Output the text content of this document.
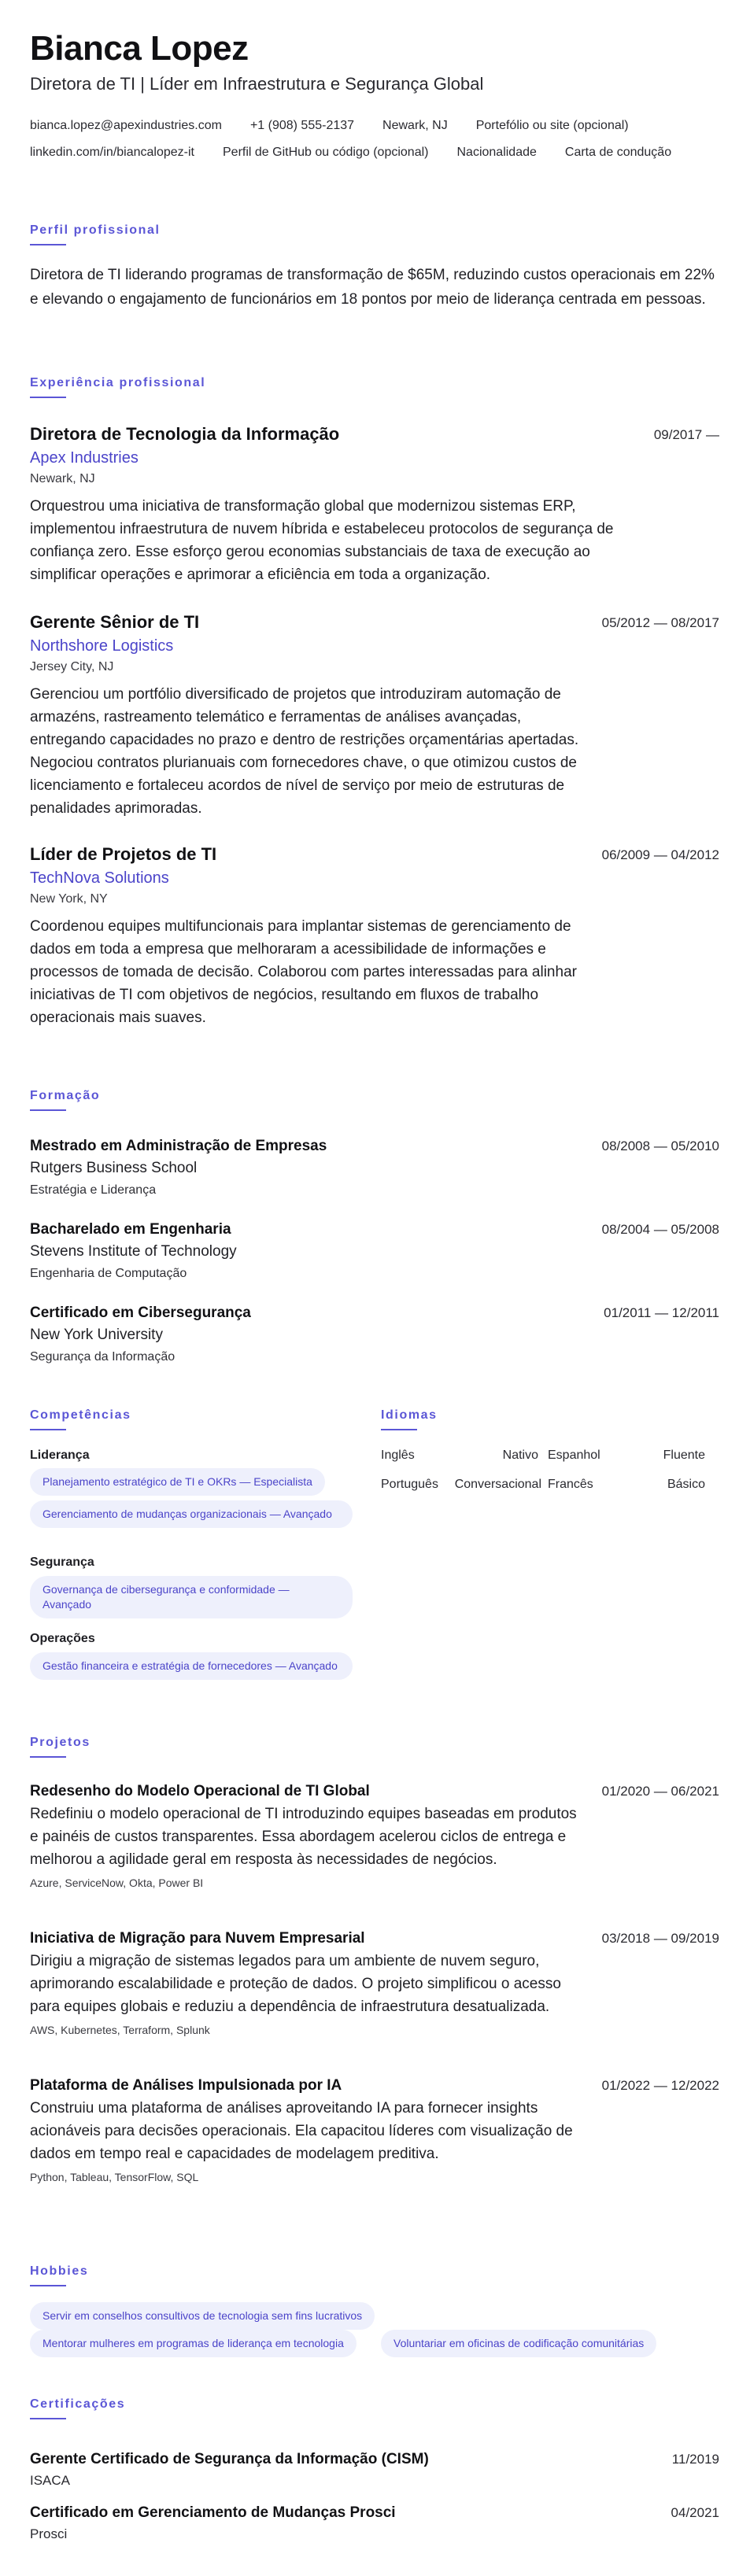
Bianca Lopez
Diretora de TI | Líder em Infraestrutura e Segurança Global
bianca.lopez@apexindustries.com +1 (908) 555-2137 Newark, NJ Portefólio ou site (opcional)
linkedin.com/in/biancalopez-it Perfil de GitHub ou código (opcional) Nacionalidade Carta de condução
Perfil profissional
Diretora de TI liderando programas de transformação de $65M, reduzindo custos operacionais em 22% e elevando o engajamento de funcionários em 18 pontos por meio de liderança centrada em pessoas.
Experiência profissional
Diretora de Tecnologia da Informação	09/2017 —
Apex Industries
Newark, NJ
Orquestrou uma iniciativa de transformação global que modernizou sistemas ERP, implementou infraestrutura de nuvem híbrida e estabeleceu protocolos de segurança de confiança zero. Esse esforço gerou economias substanciais de taxa de execução ao simplificar operações e aprimorar a eficiência em toda a organização.
Gerente Sênior de TI	05/2012 — 08/2017
Northshore Logistics
Jersey City, NJ
Gerenciou um portfólio diversificado de projetos que introduziram automação de armazéns, rastreamento telemático e ferramentas de análises avançadas, entregando capacidades no prazo e dentro de restrições orçamentárias apertadas. Negociou contratos plurianuais com fornecedores chave, o que otimizou custos de licenciamento e fortaleceu acordos de nível de serviço por meio de estruturas de penalidades aprimoradas.
Líder de Projetos de TI	06/2009 — 04/2012
TechNova Solutions
New York, NY
Coordenou equipes multifuncionais para implantar sistemas de gerenciamento de dados em toda a empresa que melhoraram a acessibilidade de informações e processos de tomada de decisão. Colaborou com partes interessadas para alinhar iniciativas de TI com objetivos de negócios, resultando em fluxos de trabalho operacionais mais suaves.
Formação
Mestrado em Administração de Empresas	08/2008 — 05/2010
Rutgers Business School
Estratégia e Liderança
Bacharelado em Engenharia	08/2004 — 05/2008
Stevens Institute of Technology
Engenharia de Computação
Certificado em Cibersegurança	01/2011 — 12/2011
New York University
Segurança da Informação
Competências
Liderança
Planejamento estratégico de TI e OKRs — Especialista
Gerenciamento de mudanças organizacionais — Avançado
Segurança
Governança de cibersegurança e conformidade — Avançado
Operações
Gestão financeira e estratégia de fornecedores — Avançado
Idiomas
Inglês	Nativo Espanhol	Fluente
Português	Conversacional Francês	Básico
Projetos
Redesenho do Modelo Operacional de TI Global	01/2020 — 06/2021
Redefiniu o modelo operacional de TI introduzindo equipes baseadas em produtos e painéis de custos transparentes. Essa abordagem acelerou ciclos de entrega e melhorou a agilidade geral em resposta às necessidades de negócios.
Azure, ServiceNow, Okta, Power BI
Iniciativa de Migração para Nuvem Empresarial	03/2018 — 09/2019
Dirigiu a migração de sistemas legados para um ambiente de nuvem seguro, aprimorando escalabilidade e proteção de dados. O projeto simplificou o acesso para equipes globais e reduziu a dependência de infraestrutura desatualizada.
AWS, Kubernetes, Terraform, Splunk
Plataforma de Análises Impulsionada por IA	01/2022 — 12/2022
Construiu uma plataforma de análises aproveitando IA para fornecer insights acionáveis para decisões operacionais. Ela capacitou líderes com visualização de dados em tempo real e capacidades de modelagem preditiva.
Python, Tableau, TensorFlow, SQL
Hobbies
Servir em conselhos consultivos de tecnologia sem fins lucrativos
Mentorar mulheres em programas de liderança em tecnologia	Voluntariar em oficinas de codificação comunitárias
Certificações
Gerente Certificado de Segurança da Informação (CISM)	11/2019
ISACA
Certificado em Gerenciamento de Mudanças Prosci	04/2021
Prosci
